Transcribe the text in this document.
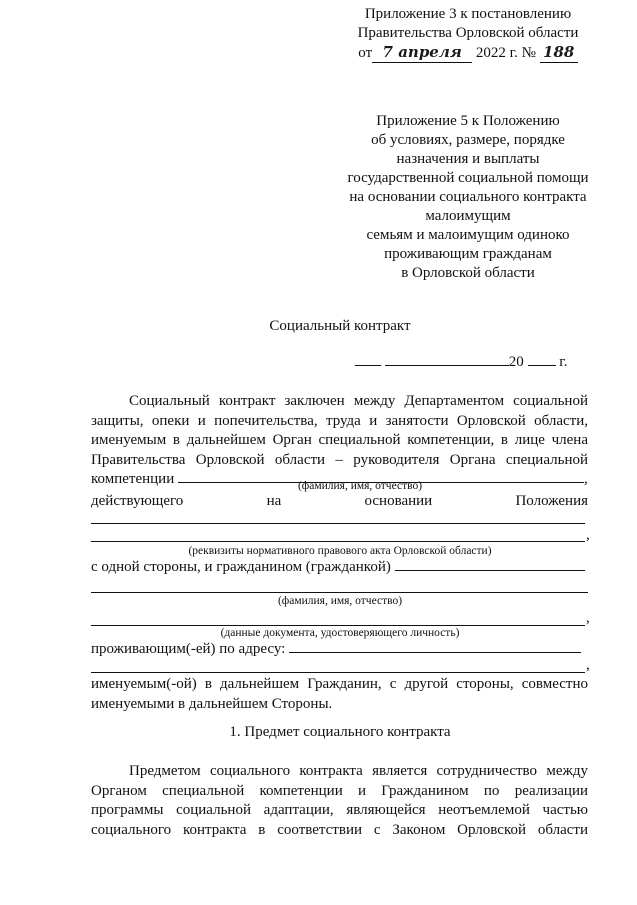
Приложение 3 к постановлению
Правительства Орловской области
от 7 апреля 2022 г. № 188
Приложение 5 к Положению
об условиях, размере, порядке
назначения и выплаты
государственной социальной помощи
на основании социального контракта
малоимущим
семьям и малоимущим одиноко
проживающим гражданам
в Орловской области
Социальный контракт
20 г.
Социальный контракт заключен между Департаментом социальной
защиты, опеки и попечительства, труда и занятости Орловской области,
именуемым в дальнейшем Орган специальной компетенции, в лице члена
Правительства Орловской области – руководителя Органа специальной
компетенции	,
(фамилия, имя, отчество)
действующего	на	основании	Положения
,
(реквизиты нормативного правового акта Орловской области)
с одной стороны, и гражданином (гражданкой)
(фамилия, имя, отчество)
,
(данные документа, удостоверяющего личность)
проживающим(-ей) по адресу:
,
именуемым(-ой) в дальнейшем Гражданин, с другой стороны, совместно
именуемыми в дальнейшем Стороны.
1. Предмет социального контракта
Предметом социального контракта является сотрудничество между
Органом специальной компетенции и Гражданином по реализации
программы социальной адаптации, являющейся неотъемлемой частью
социального контракта в соответствии с Законом Орловской области
